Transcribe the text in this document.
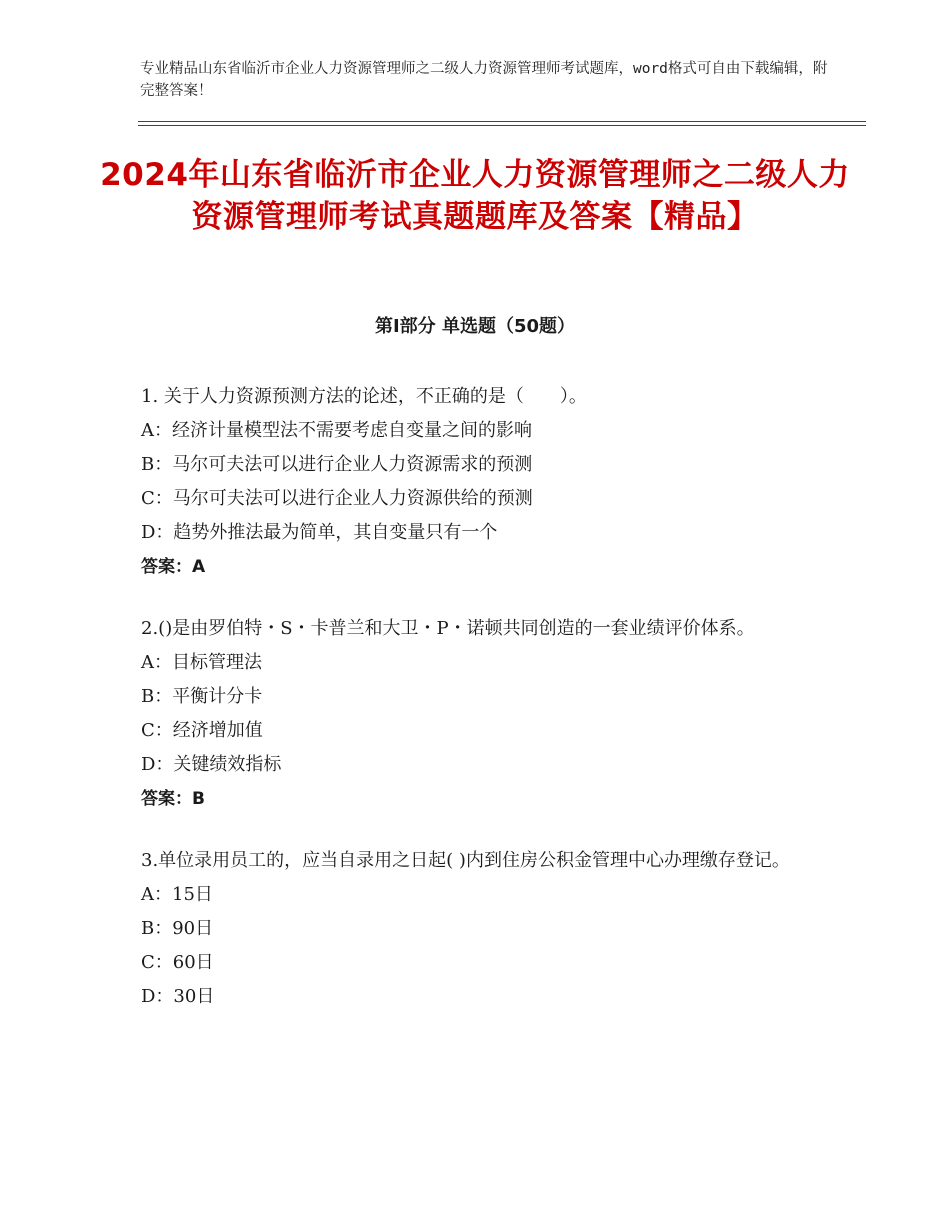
专业精品山东省临沂市企业人力资源管理师之二级人力资源管理师考试题库，word格式可自由下载编辑，附完整答案！
2024年山东省临沂市企业人力资源管理师之二级人力资源管理师考试真题题库及答案【精品】
第Ⅰ部分 单选题（50题）

1. 关于人力资源预测方法的论述，不正确的是（　　）。

A：经济计量模型法不需要考虑自变量之间的影响

B：马尔可夫法可以进行企业人力资源需求的预测

C：马尔可夫法可以进行企业人力资源供给的预测

D：趋势外推法最为简单，其自变量只有一个

答案：A

2.()是由罗伯特・S・卡普兰和大卫・P・诺顿共同创造的一套业绩评价体系。

A：目标管理法

B：平衡计分卡

C：经济增加值

D：关键绩效指标

答案：B

3.单位录用员工的，应当自录用之日起( )内到住房公积金管理中心办理缴存登记。

A：15日

B：90日

C：60日

D：30日
